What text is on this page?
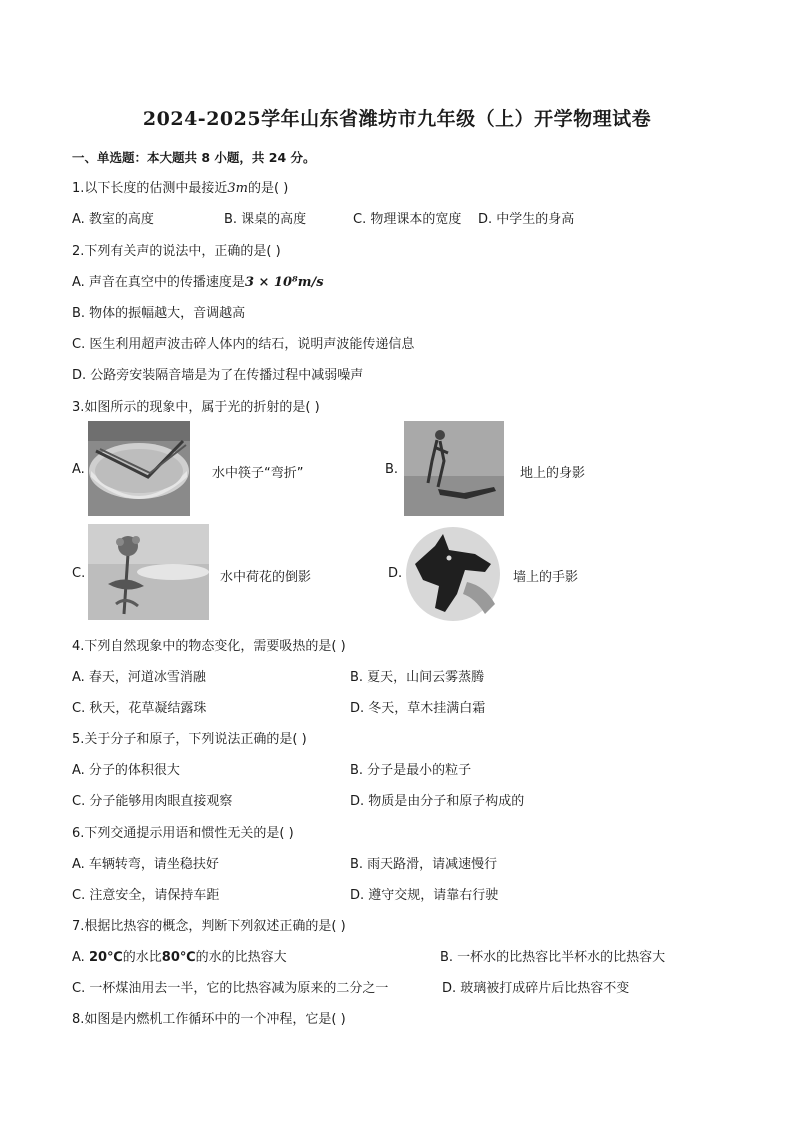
2024-2025学年山东省潍坊市九年级（上）开学物理试卷
一、单选题：本大题共 8 小题，共 24 分。
1.以下长度的估测中最接近3m的是( )
A. 教室的高度	B. 课桌的高度	C. 物理课本的宽度 D. 中学生的身高
2.下列有关声的说法中，正确的是( )
A. 声音在真空中的传播速度是3 × 10⁸m/s
B. 物体的振幅越大，音调越高
C. 医生利用超声波击碎人体内的结石，说明声波能传递信息
D. 公路旁安装隔音墙是为了在传播过程中减弱噪声
3.如图所示的现象中，属于光的折射的是( )
A.	水中筷子“弯折”	B.	地上的身影
C.	水中荷花的倒影	D.	墙上的手影
4.下列自然现象中的物态变化，需要吸热的是( )
A. 春天，河道冰雪消融	B. 夏天，山间云雾蒸腾
C. 秋天，花草凝结露珠	D. 冬天，草木挂满白霜
5.关于分子和原子，下列说法正确的是( )
A. 分子的体积很大	B. 分子是最小的粒子
C. 分子能够用肉眼直接观察	D. 物质是由分子和原子构成的
6.下列交通提示用语和惯性无关的是( )
A. 车辆转弯，请坐稳扶好	B. 雨天路滑，请减速慢行
C. 注意安全，请保持车距	D. 遵守交规，请靠右行驶
7.根据比热容的概念，判断下列叙述正确的是( )
A. 20℃的水比80℃的水的比热容大	B. 一杯水的比热容比半杯水的比热容大
C. 一杯煤油用去一半，它的比热容减为原来的二分之一	D. 玻璃被打成碎片后比热容不变
8.如图是内燃机工作循环中的一个冲程，它是( )
